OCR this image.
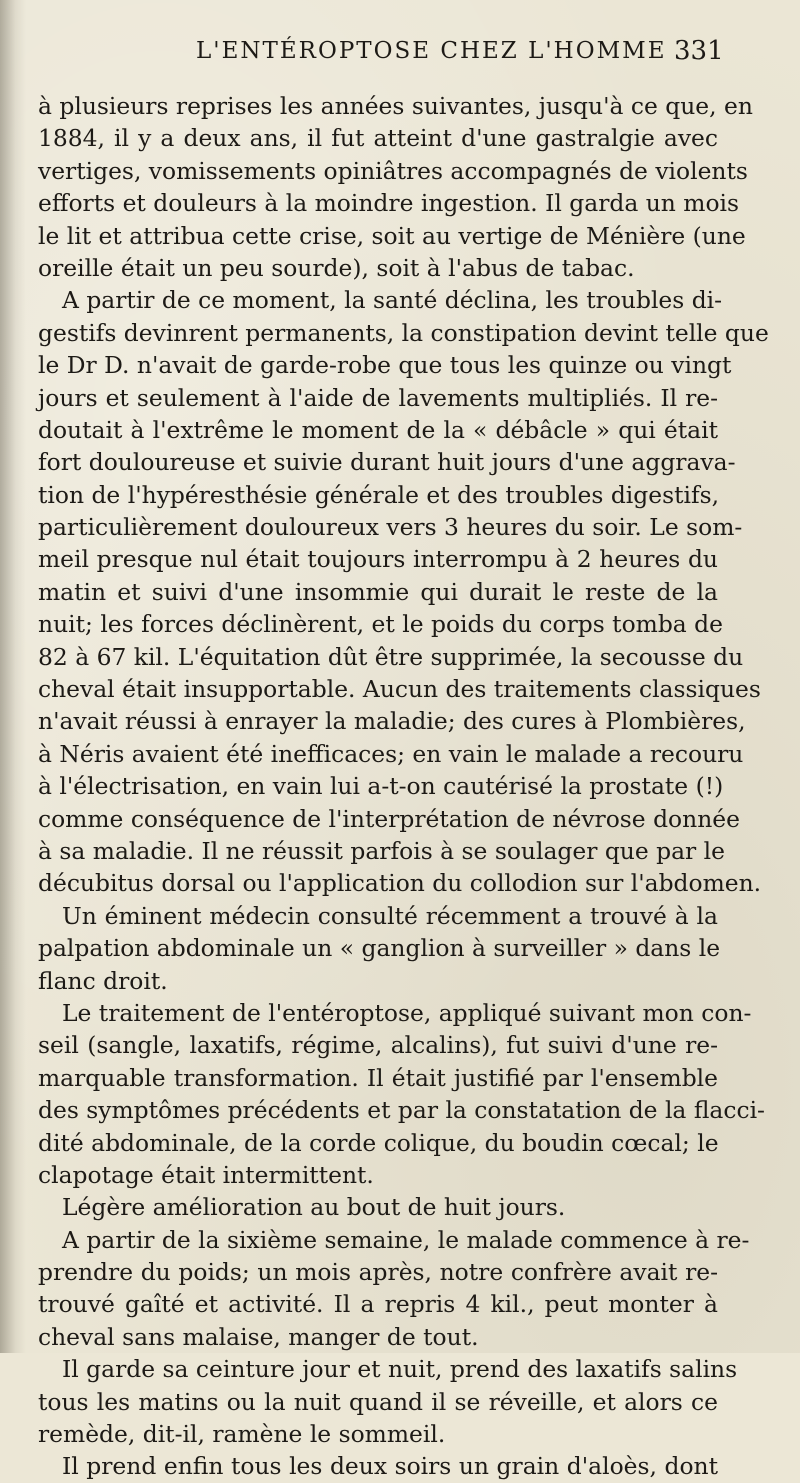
L'ENTÉROPTOSE CHEZ L'HOMME 331
à plusieurs reprises les années suivantes, jusqu'à ce que, en
1884, il y a deux ans, il fut atteint d'une gastralgie avec
vertiges, vomissements opiniâtres accompagnés de violents
efforts et douleurs à la moindre ingestion. Il garda un mois
le lit et attribua cette crise, soit au vertige de Ménière (une
oreille était un peu sourde), soit à l'abus de tabac.
A partir de ce moment, la santé déclina, les troubles di-
gestifs devinrent permanents, la constipation devint telle que
le Dr D. n'avait de garde-robe que tous les quinze ou vingt
jours et seulement à l'aide de lavements multipliés. Il re-
doutait à l'extrême le moment de la « débâcle » qui était
fort douloureuse et suivie durant huit jours d'une aggrava-
tion de l'hypéresthésie générale et des troubles digestifs,
particulièrement douloureux vers 3 heures du soir. Le som-
meil presque nul était toujours interrompu à 2 heures du
matin et suivi d'une insommie qui durait le reste de la
nuit; les forces déclinèrent, et le poids du corps tomba de
82 à 67 kil. L'équitation dût être supprimée, la secousse du
cheval était insupportable. Aucun des traitements classiques
n'avait réussi à enrayer la maladie; des cures à Plombières,
à Néris avaient été inefficaces; en vain le malade a recouru
à l'électrisation, en vain lui a-t-on cautérisé la prostate (!)
comme conséquence de l'interprétation de névrose donnée
à sa maladie. Il ne réussit parfois à se soulager que par le
décubitus dorsal ou l'application du collodion sur l'abdomen.
Un éminent médecin consulté récemment a trouvé à la
palpation abdominale un « ganglion à surveiller » dans le
flanc droit.
Le traitement de l'entéroptose, appliqué suivant mon con-
seil (sangle, laxatifs, régime, alcalins), fut suivi d'une re-
marquable transformation. Il était justifié par l'ensemble
des symptômes précédents et par la constatation de la flacci-
dité abdominale, de la corde colique, du boudin cœcal; le
clapotage était intermittent.
Légère amélioration au bout de huit jours.
A partir de la sixième semaine, le malade commence à re-
prendre du poids; un mois après, notre confrère avait re-
trouvé gaîté et activité. Il a repris 4 kil., peut monter à
cheval sans malaise, manger de tout.
Il garde sa ceinture jour et nuit, prend des laxatifs salins
tous les matins ou la nuit quand il se réveille, et alors ce
remède, dit-il, ramène le sommeil.
Il prend enfin tous les deux soirs un grain d'aloès, dont
